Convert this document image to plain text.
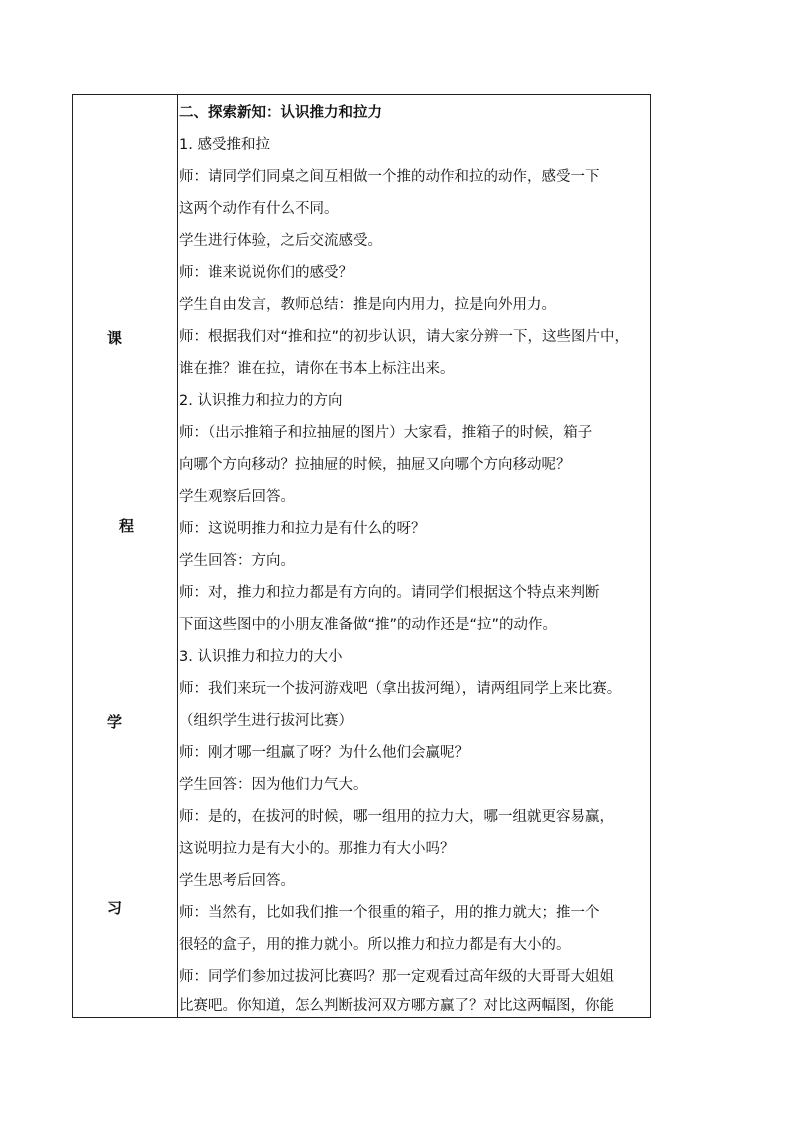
课
程
学
习
二、探索新知：认识推力和拉力
1. 感受推和拉
师：请同学们同桌之间互相做一个推的动作和拉的动作，感受一下
这两个动作有什么不同。
学生进行体验，之后交流感受。
师：谁来说说你们的感受？
学生自由发言，教师总结：推是向内用力，拉是向外用力。
师：根据我们对“推和拉”的初步认识，请大家分辨一下，这些图片中，
谁在推？谁在拉，请你在书本上标注出来。
2. 认识推力和拉力的方向
师：（出示推箱子和拉抽屉的图片）大家看，推箱子的时候，箱子
向哪个方向移动？拉抽屉的时候，抽屉又向哪个方向移动呢？
学生观察后回答。
师：这说明推力和拉力是有什么的呀？
学生回答：方向。
师：对，推力和拉力都是有方向的。请同学们根据这个特点来判断
下面这些图中的小朋友准备做“推”的动作还是“拉”的动作。
3. 认识推力和拉力的大小
师：我们来玩一个拔河游戏吧（拿出拔河绳），请两组同学上来比赛。
（组织学生进行拔河比赛）
师：刚才哪一组赢了呀？为什么他们会赢呢？
学生回答：因为他们力气大。
师：是的，在拔河的时候，哪一组用的拉力大，哪一组就更容易赢，
这说明拉力是有大小的。那推力有大小吗？
学生思考后回答。
师：当然有，比如我们推一个很重的箱子，用的推力就大；推一个
很轻的盒子，用的推力就小。所以推力和拉力都是有大小的。
师：同学们参加过拔河比赛吗？那一定观看过高年级的大哥哥大姐姐
比赛吧。你知道，怎么判断拔河双方哪方赢了？对比这两幅图，你能
